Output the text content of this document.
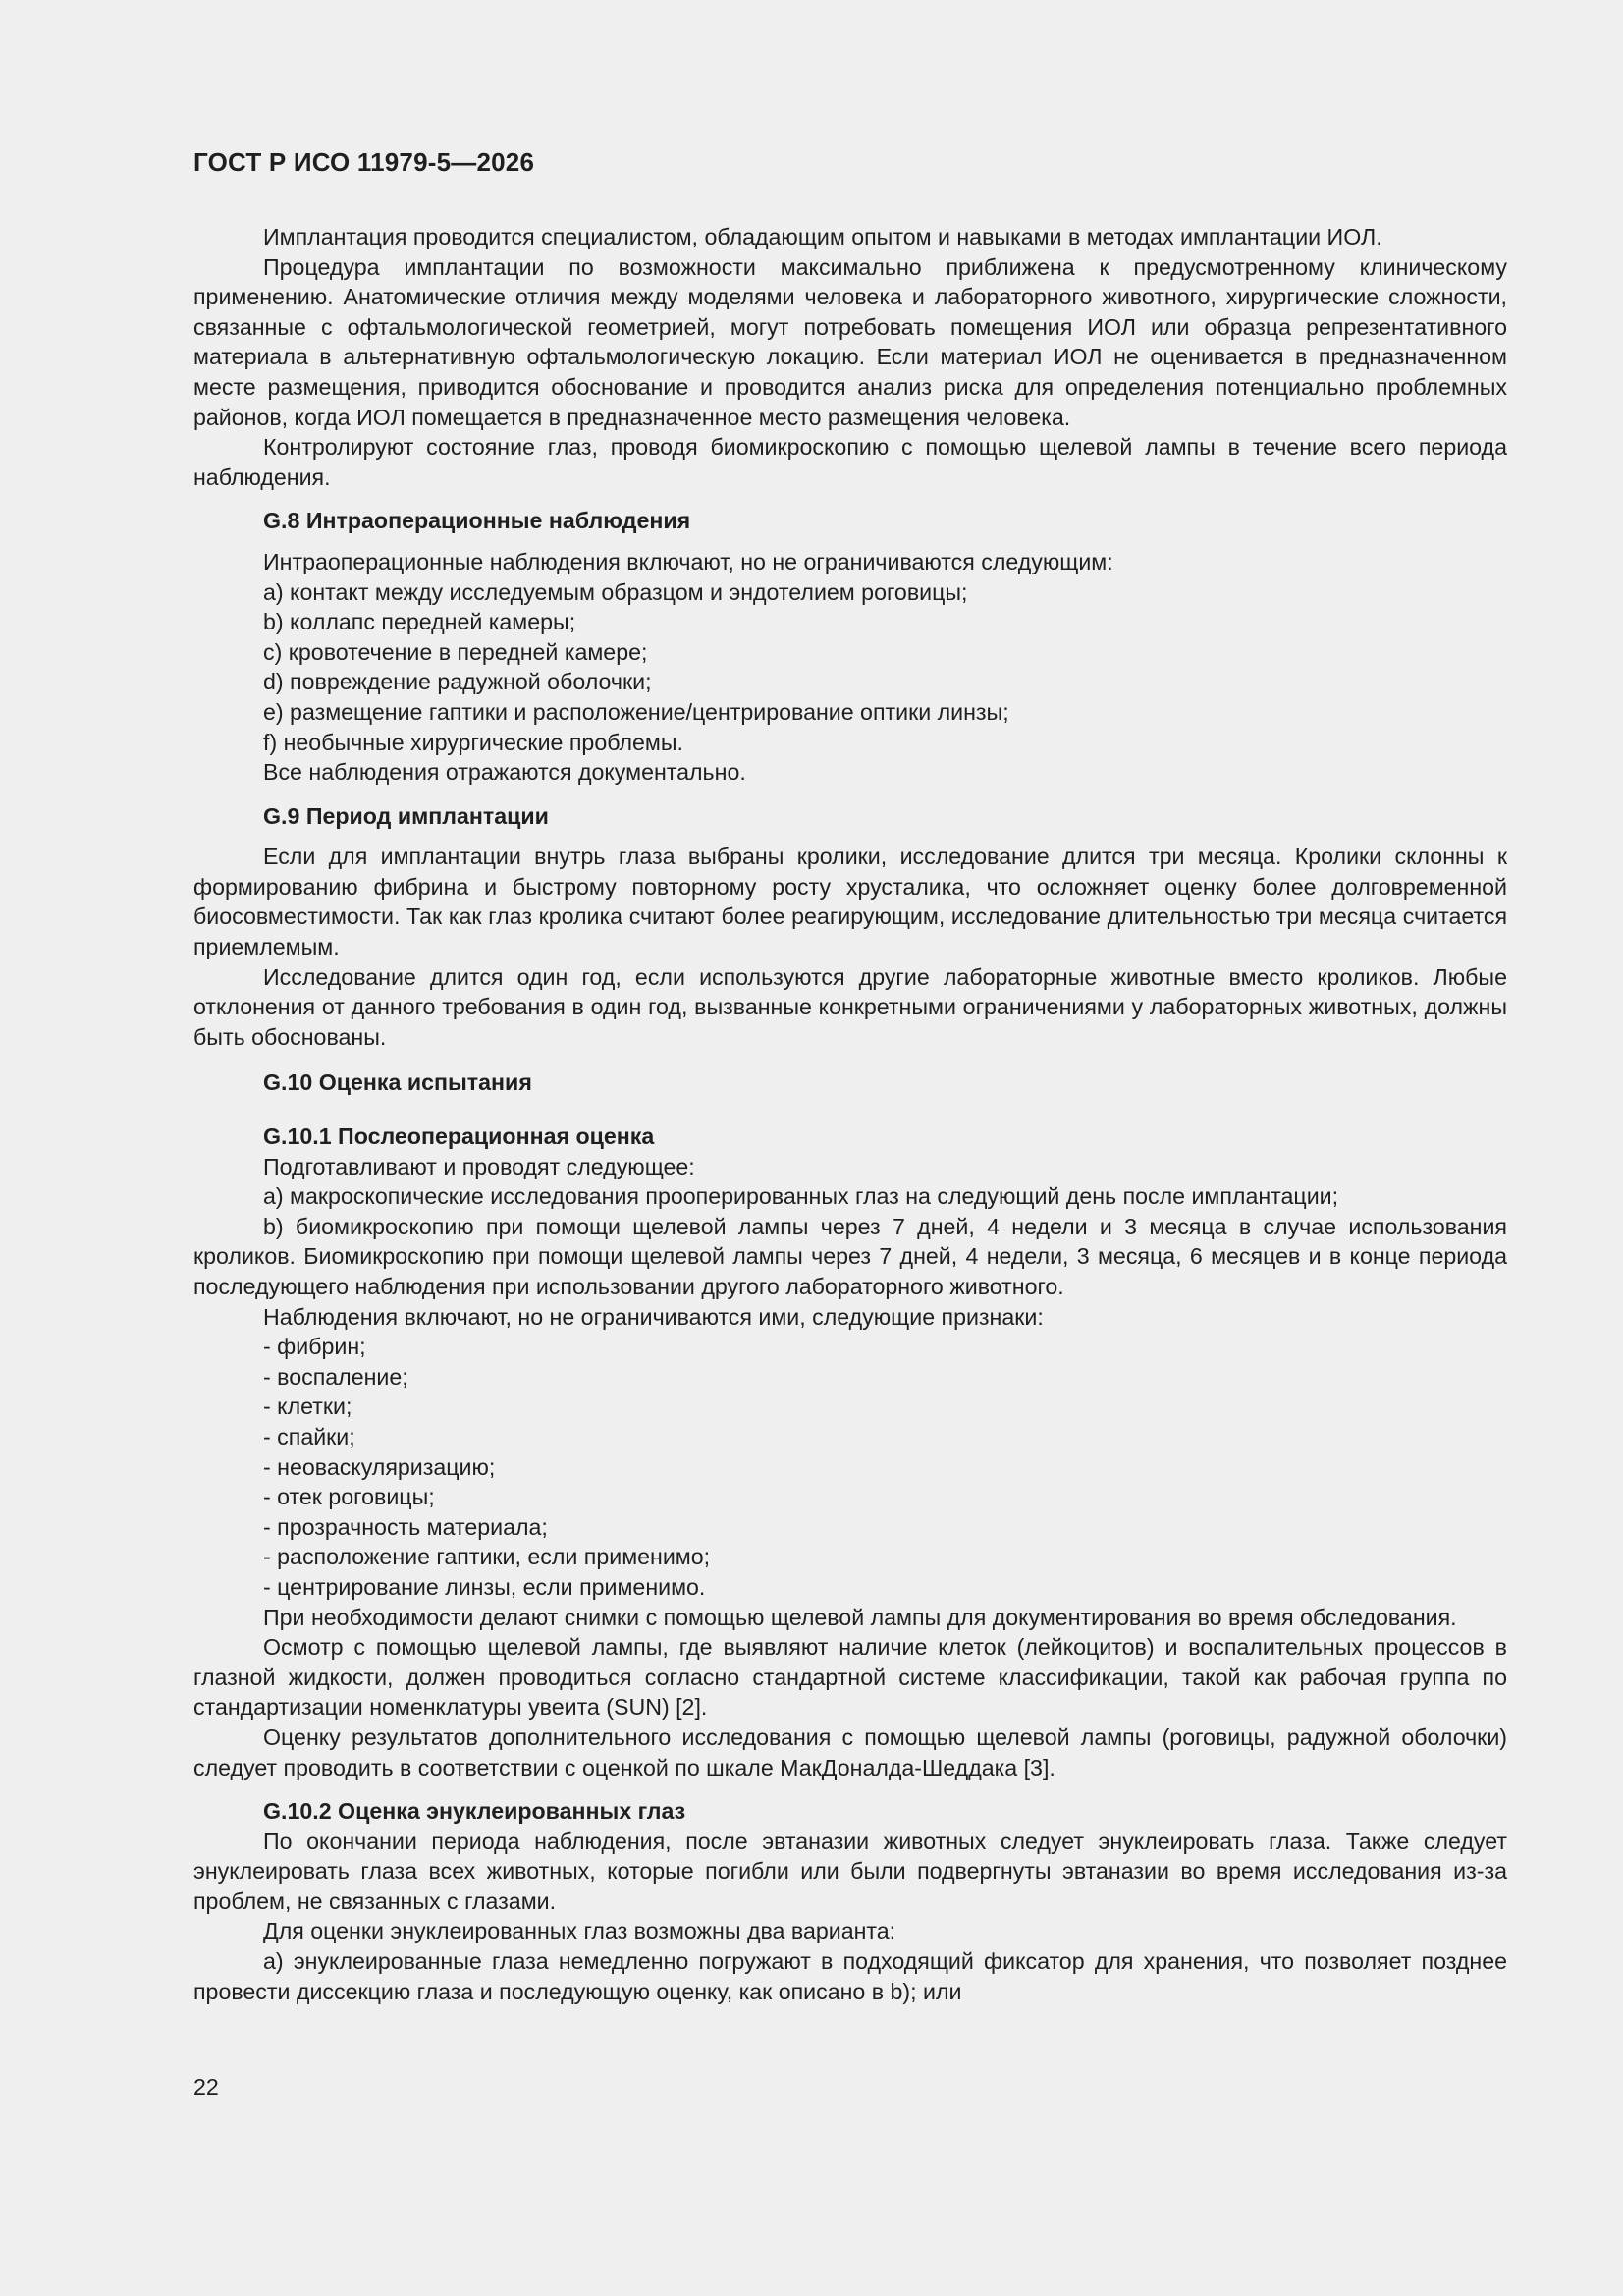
ГОСТ Р ИСО 11979-5—2026

Имплантация проводится специалистом, обладающим опытом и навыками в методах имплантации ИОЛ.

Процедура имплантации по возможности максимально приближена к предусмотренному клиническому применению. Анатомические отличия между моделями человека и лабораторного животного, хирургические сложности, связанные с офтальмологической геометрией, могут потребовать помещения ИОЛ или образца репрезентативного материала в альтернативную офтальмологическую локацию. Если материал ИОЛ не оценивается в предназначенном месте размещения, приводится обоснование и проводится анализ риска для определения потенциально проблемных районов, когда ИОЛ помещается в предназначенное место размещения человека.

Контролируют состояние глаз, проводя биомикроскопию с помощью щелевой лампы в течение всего периода наблюдения.

G.8 Интраоперационные наблюдения

Интраоперационные наблюдения включают, но не ограничиваются следующим:

a) контакт между исследуемым образцом и эндотелием роговицы;

b) коллапс передней камеры;

c) кровотечение в передней камере;

d) повреждение радужной оболочки;

e) размещение гаптики и расположение/центрирование оптики линзы;

f) необычные хирургические проблемы.

Все наблюдения отражаются документально.

G.9 Период имплантации

Если для имплантации внутрь глаза выбраны кролики, исследование длится три месяца. Кролики склонны к формированию фибрина и быстрому повторному росту хрусталика, что осложняет оценку более долговременной биосовместимости. Так как глаз кролика считают более реагирующим, исследование длительностью три месяца считается приемлемым.

Исследование длится один год, если используются другие лабораторные животные вместо кроликов. Любые отклонения от данного требования в один год, вызванные конкретными ограничениями у лабораторных животных, должны быть обоснованы.

G.10 Оценка испытания

G.10.1 Послеоперационная оценка

Подготавливают и проводят следующее:

a) макроскопические исследования прооперированных глаз на следующий день после имплантации;

b) биомикроскопию при помощи щелевой лампы через 7 дней, 4 недели и 3 месяца в случае использования кроликов. Биомикроскопию при помощи щелевой лампы через 7 дней, 4 недели, 3 месяца, 6 месяцев и в конце периода последующего наблюдения при использовании другого лабораторного животного.

Наблюдения включают, но не ограничиваются ими, следующие признаки:

- фибрин;

- воспаление;

- клетки;

- спайки;

- неоваскуляризацию;

- отек роговицы;

- прозрачность материала;

- расположение гаптики, если применимо;

- центрирование линзы, если применимо.

При необходимости делают снимки с помощью щелевой лампы для документирования во время обследования.

Осмотр с помощью щелевой лампы, где выявляют наличие клеток (лейкоцитов) и воспалительных процессов в глазной жидкости, должен проводиться согласно стандартной системе классификации, такой как рабочая группа по стандартизации номенклатуры увеита (SUN) [2].

Оценку результатов дополнительного исследования с помощью щелевой лампы (роговицы, радужной оболочки) следует проводить в соответствии с оценкой по шкале МакДоналда-Шеддака [3].

G.10.2 Оценка энуклеированных глаз

По окончании периода наблюдения, после эвтаназии животных следует энуклеировать глаза. Также следует энуклеировать глаза всех животных, которые погибли или были подвергнуты эвтаназии во время исследования из-за проблем, не связанных с глазами.

Для оценки энуклеированных глаз возможны два варианта:

a) энуклеированные глаза немедленно погружают в подходящий фиксатор для хранения, что позволяет позднее провести диссекцию глаза и последующую оценку, как описано в b); или

22
